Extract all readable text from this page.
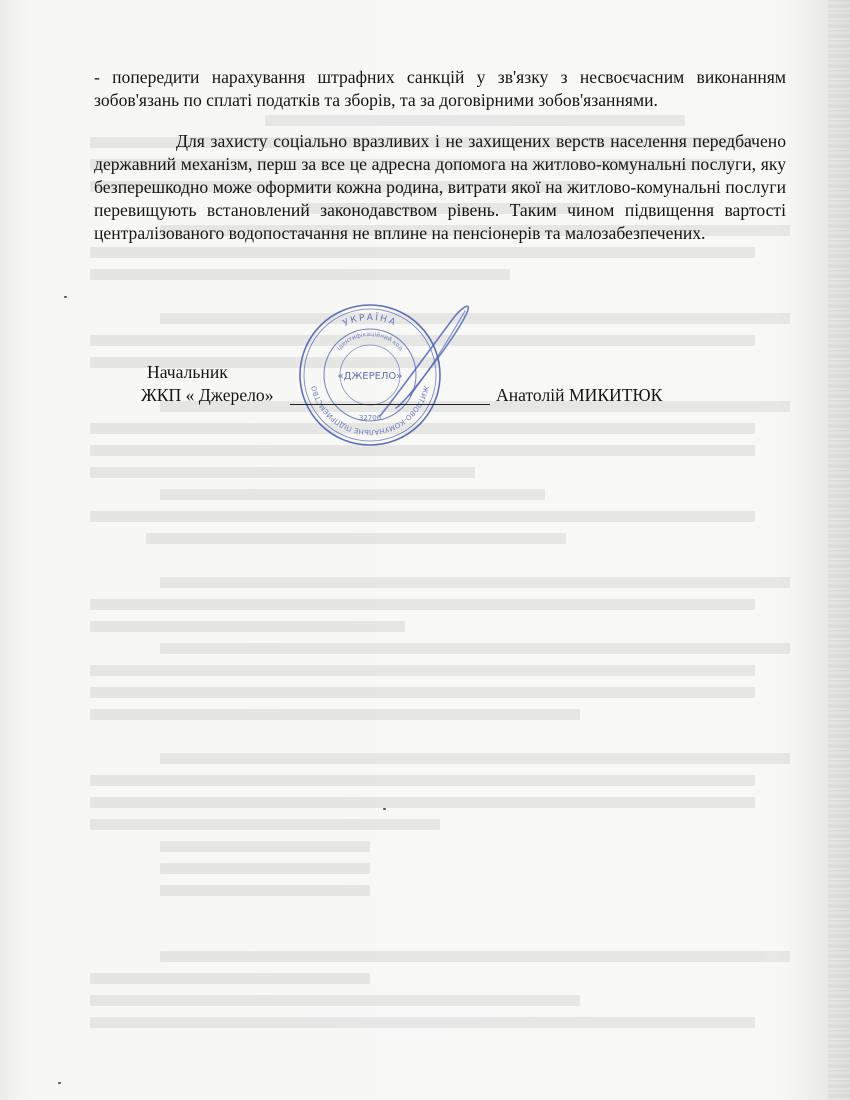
- попередити нарахування штрафних санкцій у зв'язку з несвоєчасним виконанням зобов'язань по сплаті податків та зборів, та за договірними зобов'язаннями.

Для захисту соціально вразливих і не захищених верств населення передбачено державний механізм, перш за все це адресна допомога на житлово-комунальні послуги, яку безперешкодно може оформити кожна родина, витрати якої на житлово-комунальні послуги перевищують встановлений законодавством рівень. Таким чином підвищення вартості централізованого водопостачання не вплине на пенсіонерів та малозабезпечених.

УКРАЇНА
ЖИТЛОВО-КОМУНАЛЬНЕ ПІДПРИЄМСТВО
Ідентифікаційний код
«ДЖЕРЕЛО»
32706
Начальник
ЖКП « Джерело»	Анатолій МИКИТЮК
